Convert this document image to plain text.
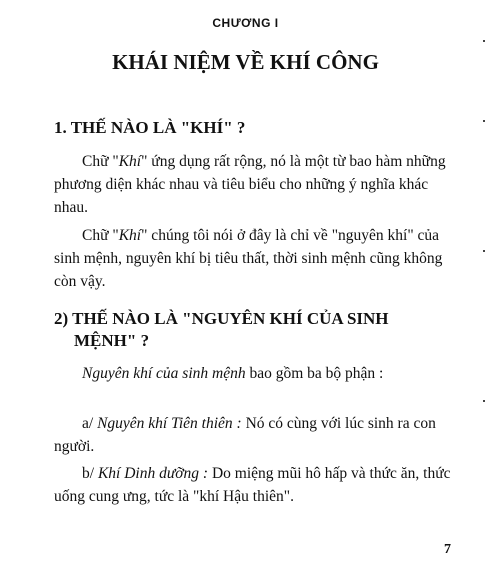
CHƯƠNG I
KHÁI NIỆM VỀ KHÍ CÔNG
1. THẾ NÀO LÀ "KHÍ" ?
Chữ "Khí" ứng dụng rất rộng, nó là một từ bao hàm những phương diện khác nhau và tiêu biểu cho những ý nghĩa khác nhau.
Chữ "Khí" chúng tôi nói ở đây là chỉ về "nguyên khí" của sinh mệnh, nguyên khí bị tiêu thất, thời sinh mệnh cũng không còn vậy.
2) THẾ NÀO LÀ "NGUYÊN KHÍ CỦA SINH
MỆNH" ?
Nguyên khí của sinh mệnh bao gồm ba bộ phận :
a/ Nguyên khí Tiên thiên : Nó có cùng với lúc sinh ra con người.
b/ Khí Dinh dưỡng : Do miệng mũi hô hấp và thức ăn, thức uống cung ưng, tức là "khí Hậu thiên".
7
